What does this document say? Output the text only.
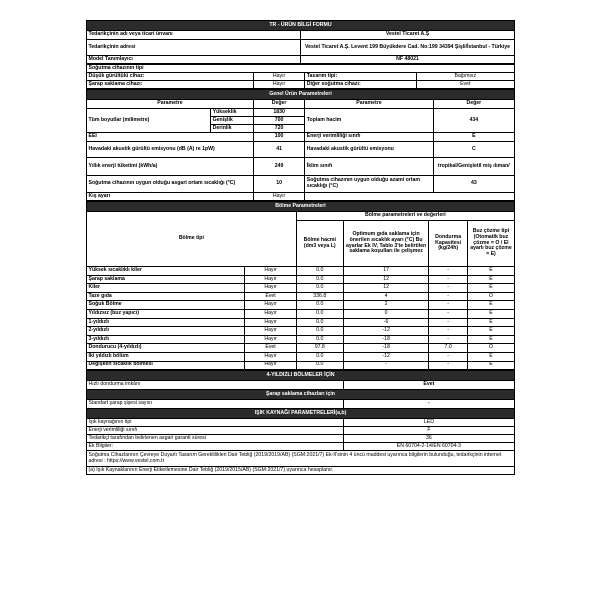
TR - ÜRÜN BİLGİ FORMU	
Tedarikçinin adı veya ticari ünvanı	Vestel Ticaret A.Ş
Tedarikçinin adresi	Vestel Ticaret A.Ş. Levent 199 Büyükdere Cad. No:199 34394 Şişli/İstanbul - Türkiye
Model Tanımlayıcı	NF 48021
Soğutma cihazının tipi			
Düşük gürültülü cihaz:	Hayır	Tasarım tipi:	Bağımsız
Şarap saklama cihazı:	Hayır	Diğer soğutma cihazı:	Evet
Genel Ürün Parametreleri				
Parametre		Değer	Parametre	Değer
Tüm boyutlar (milimetre)	Yükseklik	1830	Toplam hacim	434
	Genişlik	700		
	Derinlik	720		
EEI		100	Enerji verimliliği sınıfı	E
Havadaki akustik gürültü emisyonu (dB (A) re 1pW)		41	Havadaki akustik gürültü emisyonu	C
Yıllık enerji tüketimi (kWh/a)		249	İklim sınıfı	tropikal/Genişletil miş ılıman/
Soğutma cihazının uygun olduğu asgari ortam sıcaklığı (°C)		10	Soğutma cihazının uygun olduğu azami ortam sıcaklığı (°C)	43
Kış ayarı		Hayır		
Bölme Parametreleri					
Bölme tipi		Bölme parametreleri ve değerleri			
		Bölme hacmi (dm3 veya L)	Optimum gıda saklama için önerilen sıcaklık ayarı (°C) Bu ayarlar Ek IV, Tablo 3'te belirtilen saklama koşulları ile çelişmez	Dondurma Kapasitesi (kg/24h)	Buz çözme tipi (Otomatik buz çözme = O / El ayarlı buz çözme = E)
Yüksek sıcaklıklı kiler	Hayır	0.0	17	-	E
Şarap saklama	Hayır	0.0	12	-	E
Kiler	Hayır	0.0	12	-	E
Taze gıda	Evet	336.8	4	-	O
Soğuk Bölme	Hayır	0.0	2	-	E
Yıldızsız (buz yapıcı)	Hayır	0.0	0	-	E
1-yıldızlı	Hayır	0.0	-6	-	E
2-yıldızlı	Hayır	0.0	-12	-	E
3-yıldızlı	Hayır	0.0	-18	-	E
Dondurucu (4-yıldızlı)	Evet	97.8	-18	7.0	O
İki yıldızlı bölüm	Hayır	0.0	-12	-	E
Değişken sıcaklık bölmesi	Hayır	0.0	-	-	E
4-YILDIZLI BÖLMELER İÇİN	
Hızlı dondurma imkânı	Evet
Şarap saklama cihazları için	
Standart şarap şişesi sayısı	-
IŞIK KAYNAĞI PARAMETRELERİ(a,b)	
Işık kaynağının tipi	LED
Enerji verimliliği sınıfı	F
Tedarikçi tarafından belirlenen asgari garanti süresi	36
Ek Bilgiler:	EN 60704-2-14/EN 60704-3
Soğutma Cihazlarının Çevreye Duyarlı Tasarım Gereklilikleri Dair Tebliğ (2019/2019/AB) (SGM:2021/7) Ek-II'sinin 4 üncü maddesi uyarınca bilgilerin bulunduğu, tedarikçinin internet adresi : https://www.vestel.com.tr	
(a) Işık Kaynaklarının Enerji Etiketlemesine Dair Tebliğ (2019/2015/AB) (SGM:2021/7) uyarınca hesaplanır.	
